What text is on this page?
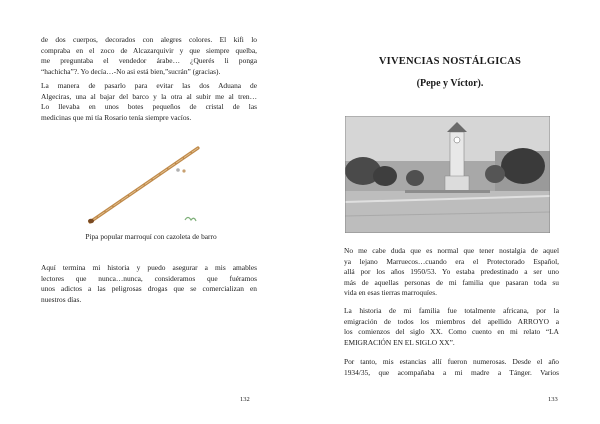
de dos cuerpos, decorados con alegres colores. El kifi lo
compraba en el zoco de Alcazarquivir y que siempre quelba,
me preguntaba el vendedor árabe… ¿Querés li ponga
“hachicha”?. Yo decía…-No asi está bien,”sucrán” (gracias).
La manera de pasarlo para evitar las dos Aduana de
Algeciras, una al bajar del barco y la otra al subir me al tren…
Lo llevaba en unos botes pequeños de cristal de las
medicinas que mi tía Rosario tenía siempre vacíos.
Pipa popular marroquí con cazoleta de barro
Aquí termina mi historia y puedo asegurar a mis amables
lectores que nunca…nunca, consideramos que fuéramos
unos adictos a las peligrosas drogas que se comercializan en
nuestros días.
132
VIVENCIAS NOSTÁLGICAS
(Pepe y Víctor).
No me cabe duda que es normal que tener nostalgia de aquel
ya lejano Marruecos…cuando era el Protectorado Español,
allá por los años 1950/53. Yo estaba predestinado a ser uno
más de aquellas personas de mi familia que pasaran toda su
vida en esas tierras marroquíes.
La historia de mi familia fue totalmente africana, por la
emigración de todos los miembros del apellido ARROYO a
los comienzos del siglo XX. Como cuento en mi relato “LA
EMIGRACIÓN EN EL SIGLO XX”.
Por tanto, mis estancias allí fueron numerosas. Desde el año
1934/35, que acompañaba a mi madre a Tánger. Varios
133
